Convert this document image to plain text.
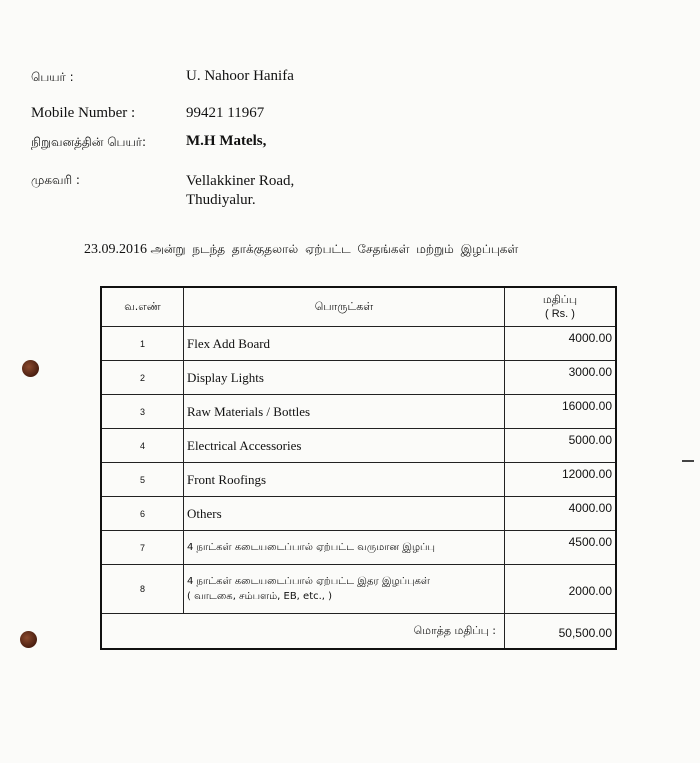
பெயர் :	U. Nahoor Hanifa
Mobile Number :	99421 11967
நிறுவனத்தின் பெயர்:	M.H Matels,
முகவரி :	Vellakkiner Road,
Thudiyalur.
23.09.2016 அன்று நடந்த தாக்குதலால் ஏற்பட்ட சேதங்கள் மற்றும் இழப்புகள்
வ.எண்	பொருட்கள்	மதிப்பு
( Rs. )

1	Flex Add Board	4000.00
2	Display Lights	3000.00
3	Raw Materials / Bottles	16000.00
4	Electrical Accessories	5000.00
5	Front Roofings	12000.00
6	Others	4000.00
7	4 நாட்கள் கடையடைப்பால் ஏற்பட்ட வருமான இழப்பு	4500.00
8	4 நாட்கள் கடையடைப்பால் ஏற்பட்ட இதர இழப்புகள்
( வாடகை, சம்பளம், EB, etc., )	2000.00
மொத்த மதிப்பு :		50,500.00
